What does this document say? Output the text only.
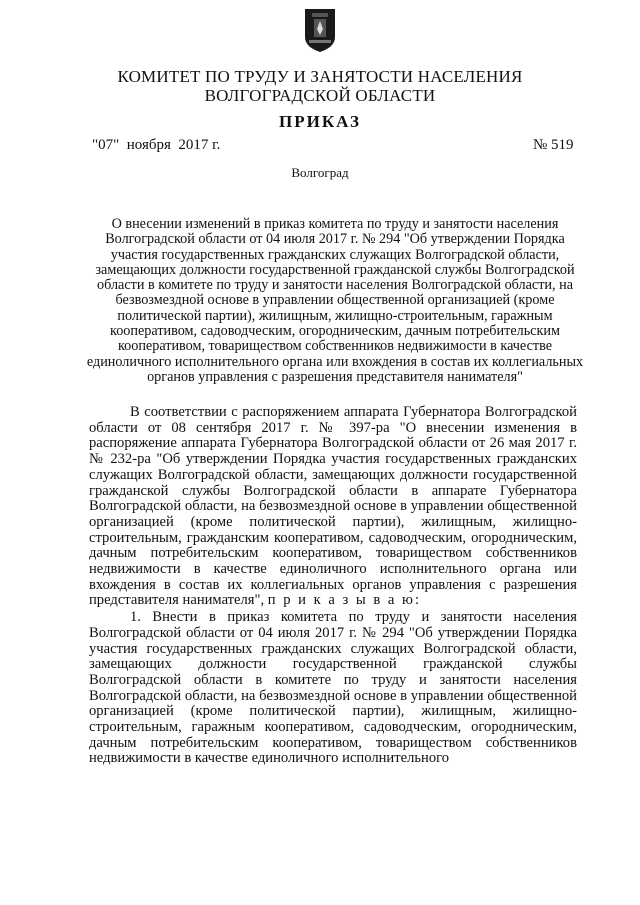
КОМИТЕТ ПО ТРУДУ И ЗАНЯТОСТИ НАСЕЛЕНИЯ
ВОЛГОГРАДСКОЙ ОБЛАСТИ
ПРИКАЗ
"07"  ноября  2017 г.	№ 519
Волгоград
О внесении изменений в приказ комитета по труду и занятости населения Волгоградской области от 04 июля 2017 г. № 294 "Об утверждении Порядка участия государственных гражданских служащих Волгоградской области, замещающих должности государственной гражданской службы Волгоградской области в комитете по труду и занятости населения Волгоградской области, на безвозмездной основе в управлении общественной организацией (кроме политической партии), жилищным, жилищно-строительным, гаражным кооперативом, садоводческим, огородническим, дачным потребительским кооперативом, товариществом собственников недвижимости в качестве единоличного исполнительного органа или вхождения в состав их коллегиальных органов управления с разрешения представителя нанимателя"

В соответствии с распоряжением аппарата Губернатора Волгоградской области от 08 сентября 2017 г. № 397-ра "О внесении изменения в распоряжение аппарата Губернатора Волгоградской области от 26 мая 2017 г. № 232-ра "Об утверждении Порядка участия государственных гражданских служащих Волгоградской области, замещающих должности государственной гражданской службы Волгоградской области в аппарате Губернатора Волгоградской области, на безвозмездной основе в управлении общественной организацией (кроме политической партии), жилищным, жилищно-строительным, гражданским кооперативом, садоводческим, огородническим, дачным потребительским кооперативом, товариществом собственников недвижимости в качестве единоличного исполнительного органа или вхождения в состав их коллегиальных органов управления с разрешения представителя нанимателя", п р и к а з ы в а ю:

1. Внести в приказ комитета по труду и занятости населения Волгоградской области от 04 июля 2017 г. № 294 "Об утверждении Порядка участия государственных гражданских служащих Волгоградской области, замещающих должности государственной гражданской службы Волгоградской области в комитете по труду и занятости населения Волгоградской области, на безвозмездной основе в управлении общественной организацией (кроме политической партии), жилищным, жилищно-строительным, гаражным кооперативом, садоводческим, огородническим, дачным потребительским кооперативом, товариществом собственников недвижимости в качестве единоличного исполнительного
